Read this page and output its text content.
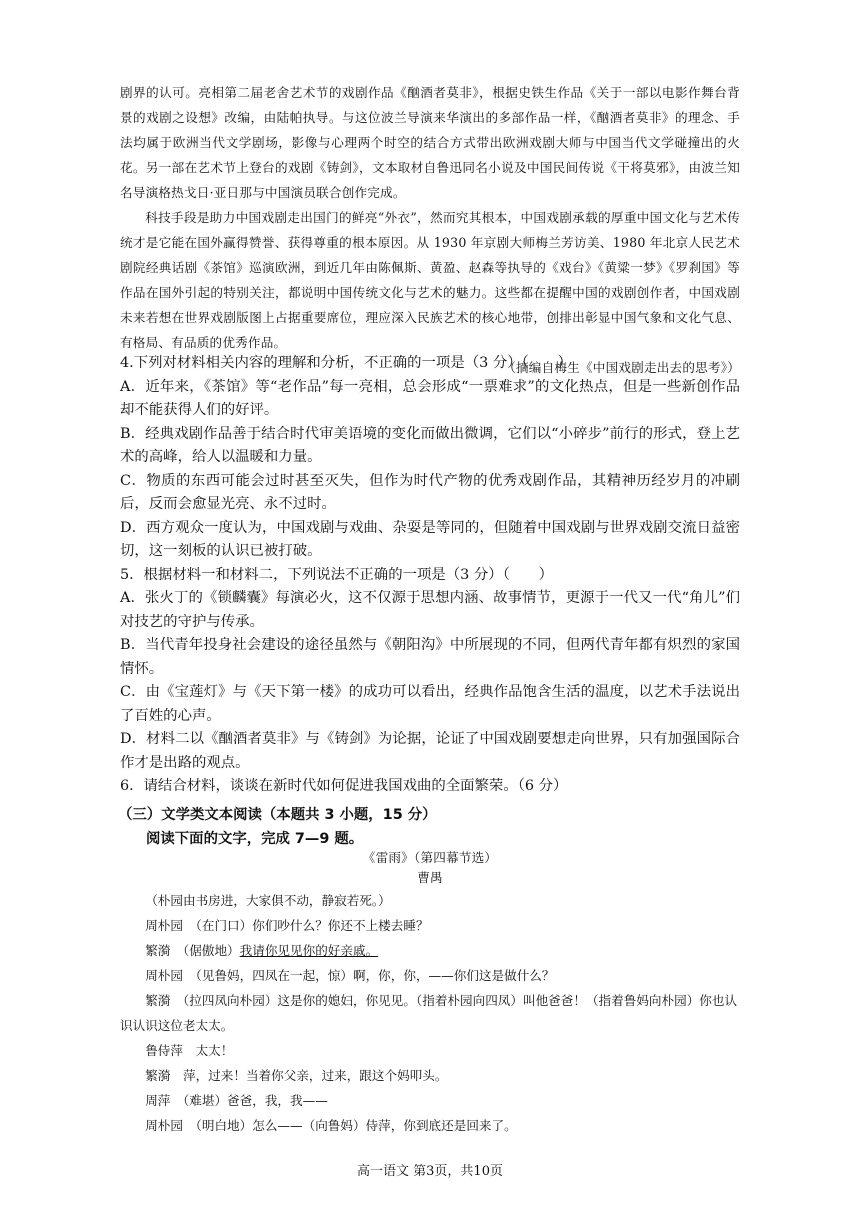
剧界的认可。亮相第二届老舍艺术节的戏剧作品《酗酒者莫非》，根据史铁生作品《关于一部以电影作舞台背景的戏剧之设想》改编，由陆帕执导。与这位波兰导演来华演出的多部作品一样，《酗酒者莫非》的理念、手法均属于欧洲当代文学剧场，影像与心理两个时空的结合方式带出欧洲戏剧大师与中国当代文学碰撞出的火花。另一部在艺术节上登台的戏剧《铸剑》，文本取材自鲁迅同名小说及中国民间传说《干将莫邪》，由波兰知名导演格热戈日·亚日那与中国演员联合创作完成。

科技手段是助力中国戏剧走出国门的鲜亮“外衣”，然而究其根本，中国戏剧承载的厚重中国文化与艺术传统才是它能在国外赢得赞誉、获得尊重的根本原因。从 1930 年京剧大师梅兰芳访美、1980 年北京人民艺术剧院经典话剧《茶馆》巡演欧洲，到近几年由陈佩斯、黄盈、赵森等执导的《戏台》《黄粱一梦》《罗刹国》等作品在国外引起的特别关注，都说明中国传统文化与艺术的魅力。这些都在提醒中国的戏剧创作者，中国戏剧未来若想在世界戏剧版图上占据重要席位，理应深入民族艺术的核心地带，创排出彰显中国气象和文化气息、有格局、有品质的优秀作品。

（摘编自梅生《中国戏剧走出去的思考》）

4.下列对材料相关内容的理解和分析，不正确的一项是（3 分）（　　）

A．近年来，《茶馆》等“老作品”每一亮相，总会形成“一票难求”的文化热点，但是一些新创作品却不能获得人们的好评。

B．经典戏剧作品善于结合时代审美语境的变化而做出微调，它们以“小碎步”前行的形式，登上艺术的高峰，给人以温暖和力量。

C．物质的东西可能会过时甚至灭失，但作为时代产物的优秀戏剧作品，其精神历经岁月的冲刷后，反而会愈显光亮、永不过时。

D．西方观众一度认为，中国戏剧与戏曲、杂耍是等同的，但随着中国戏剧与世界戏剧交流日益密切，这一刻板的认识已被打破。

5．根据材料一和材料二，下列说法不正确的一项是（3 分）（　　）

A．张火丁的《锁麟囊》每演必火，这不仅源于思想内涵、故事情节，更源于一代又一代“角儿”们对技艺的守护与传承。

B．当代青年投身社会建设的途径虽然与《朝阳沟》中所展现的不同，但两代青年都有炽烈的家国情怀。

C．由《宝莲灯》与《天下第一楼》的成功可以看出，经典作品饱含生活的温度，以艺术手法说出了百姓的心声。

D．材料二以《酗酒者莫非》与《铸剑》为论据，论证了中国戏剧要想走向世界，只有加强国际合作才是出路的观点。

6．请结合材料，谈谈在新时代如何促进我国戏曲的全面繁荣。（6 分）

（三）文学类文本阅读（本题共 3 小题，15 分）

阅读下面的文字，完成 7—9 题。

《雷雨》（第四幕节选）

曹禺

（朴园由书房进，大家俱不动，静寂若死。）

周朴园　（在门口）你们吵什么？你还不上楼去睡？

繁漪　（倨傲地）我请你见见你的好亲戚。

周朴园　（见鲁妈，四凤在一起，惊）啊，你，你，——你们这是做什么？

繁漪　（拉四凤向朴园）这是你的媳妇，你见见。（指着朴园向四凤）叫他爸爸！（指着鲁妈向朴园）你也认识认识这位老太太。

鲁侍萍　太太！

繁漪　萍，过来！当着你父亲，过来，跟这个妈叩头。

周萍　（难堪）爸爸，我，我——

周朴园　（明白地）怎么——（向鲁妈）侍萍，你到底还是回来了。

高一语文 第3页，共10页
